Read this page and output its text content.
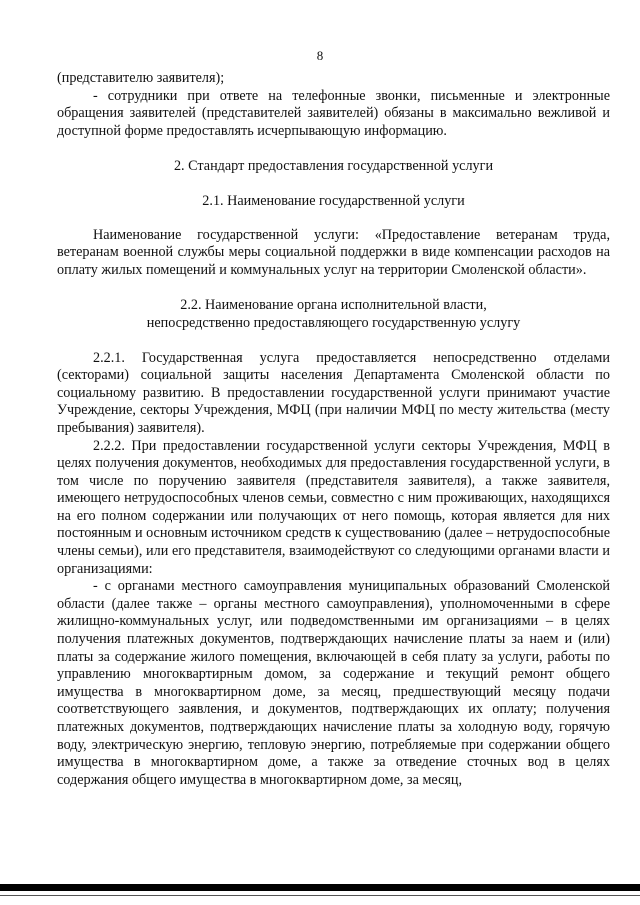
8

(представителю заявителя);

- сотрудники при ответе на телефонные звонки, письменные и электронные обращения заявителей (представителей заявителей) обязаны в максимально вежливой и доступной форме предоставлять исчерпывающую информацию.

2. Стандарт предоставления государственной услуги

2.1. Наименование государственной услуги

Наименование государственной услуги: «Предоставление ветеранам труда, ветеранам военной службы меры социальной поддержки в виде компенсации расходов на оплату жилых помещений и коммунальных услуг на территории Смоленской области».

2.2. Наименование органа исполнительной власти,

непосредственно предоставляющего государственную услугу

2.2.1. Государственная услуга предоставляется непосредственно отделами (секторами) социальной защиты населения Департамента Смоленской области по социальному развитию. В предоставлении государственной услуги принимают участие Учреждение, секторы Учреждения, МФЦ (при наличии МФЦ по месту жительства (месту пребывания) заявителя).

2.2.2. При предоставлении государственной услуги секторы Учреждения, МФЦ в целях получения документов, необходимых для предоставления государственной услуги, в том числе по поручению заявителя (представителя заявителя), а также заявителя, имеющего нетрудоспособных членов семьи, совместно с ним проживающих, находящихся на его полном содержании или получающих от него помощь, которая является для них постоянным и основным источником средств к существованию (далее – нетрудоспособные члены семьи), или его представителя, взаимодействуют со следующими органами власти и организациями:

- с органами местного самоуправления муниципальных образований Смоленской области (далее также – органы местного самоуправления), уполномоченными в сфере жилищно-коммунальных услуг, или подведомственными им организациями – в целях получения платежных документов, подтверждающих начисление платы за наем и (или) платы за содержание жилого помещения, включающей в себя плату за услуги, работы по управлению многоквартирным домом, за содержание и текущий ремонт общего имущества в многоквартирном доме, за месяц, предшествующий месяцу подачи соответствующего заявления, и документов, подтверждающих их оплату; получения платежных документов, подтверждающих начисление платы за холодную воду, горячую воду, электрическую энергию, тепловую энергию, потребляемые при содержании общего имущества в многоквартирном доме, а также за отведение сточных вод в целях содержания общего имущества в многоквартирном доме, за месяц,
